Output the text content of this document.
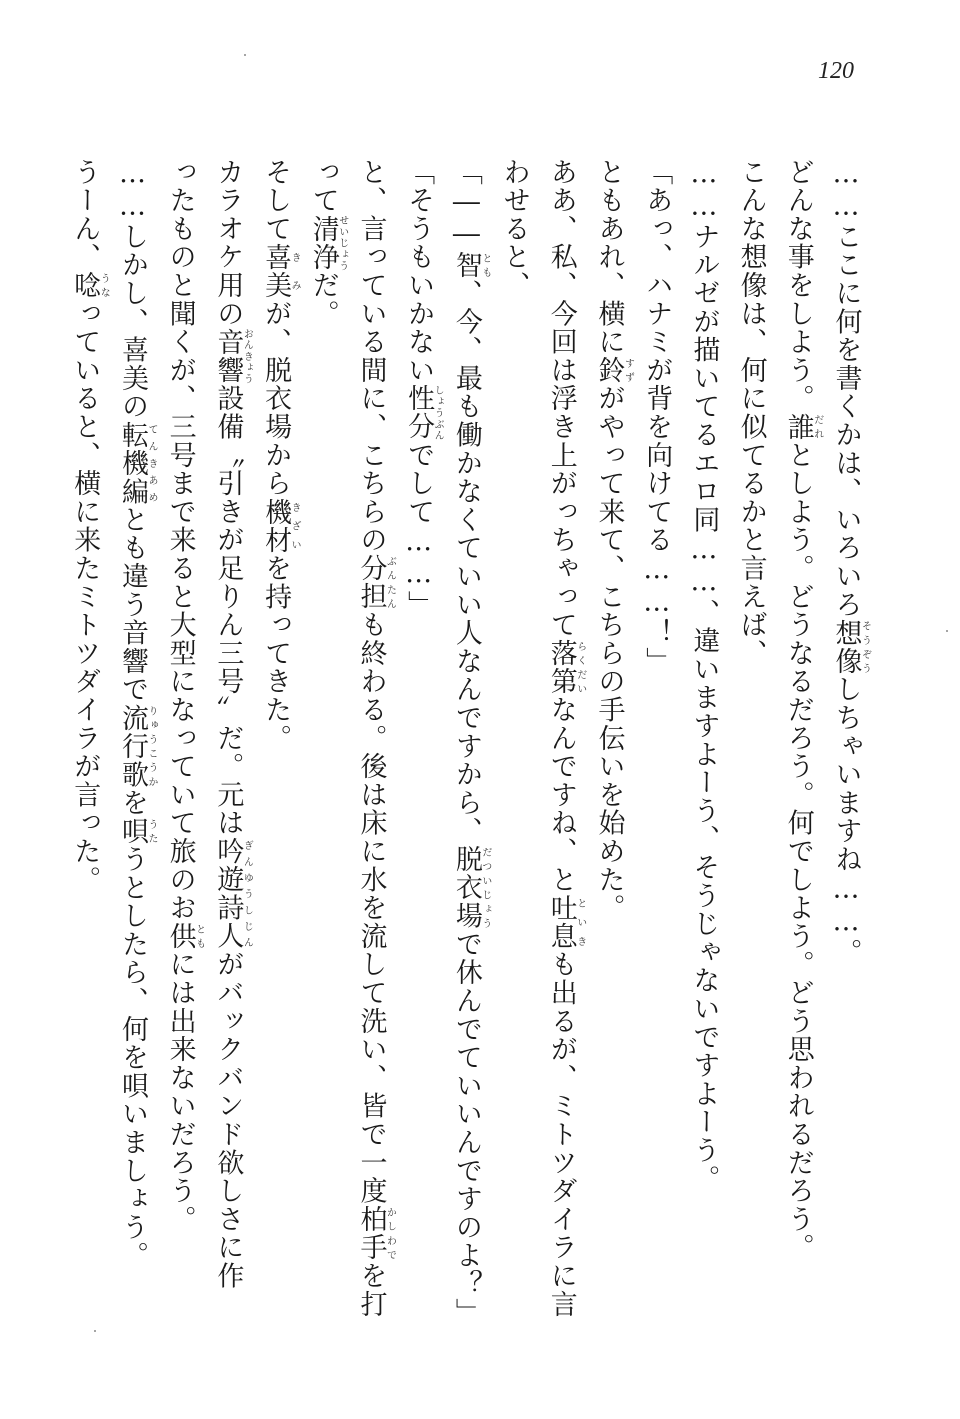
120
……ここに何を書くかは、いろいろ想像そうぞうしちゃいますね……。
どんな事をしよう。誰だれとしよう。どうなるだろう。何でしよう。どう思われるだろう。
こんな想像は、何に似てるかと言えば、
……ナルゼが描いてるエロ同……、違いますよーう、そうじゃないですよーう。
「あっ、ハナミが背を向けてる……！」
ともあれ、横に鈴すずがやって来て、こちらの手伝いを始めた。
ああ、私、今回は浮き上がっちゃって落第らくだいなんですね、と吐息といきも出るが、ミトツダイラに言
わせると、
「――智とも、今、最も働かなくていい人なんですから、脱衣場だついじょうで休んでていいんですのよ？」
「そうもいかない性分しょうぶんでして……」
と、言っている間に、こちらの分担ぶんたんも終わる。後は床に水を流して洗い、皆で一度柏手かしわでを打
って清浄せいじょうだ。
そして喜美きみが、脱衣場から機材きざいを持ってきた。
カラオケ用の音響おんきょう設備〝引きが足りん三号〟だ。元は吟遊詩人ぎんゆうしじんがバックバンド欲しさに作
ったものと聞くが、三号まで来ると大型になっていて旅のお供ともには出来ないだろう。
……しかし、喜美の転機編てんきあめとも違う音響で流行歌りゅうこうかを唄うたうとしたら、何を唄いましょう。
うーん、唸うなっていると、横に来たミトツダイラが言った。
